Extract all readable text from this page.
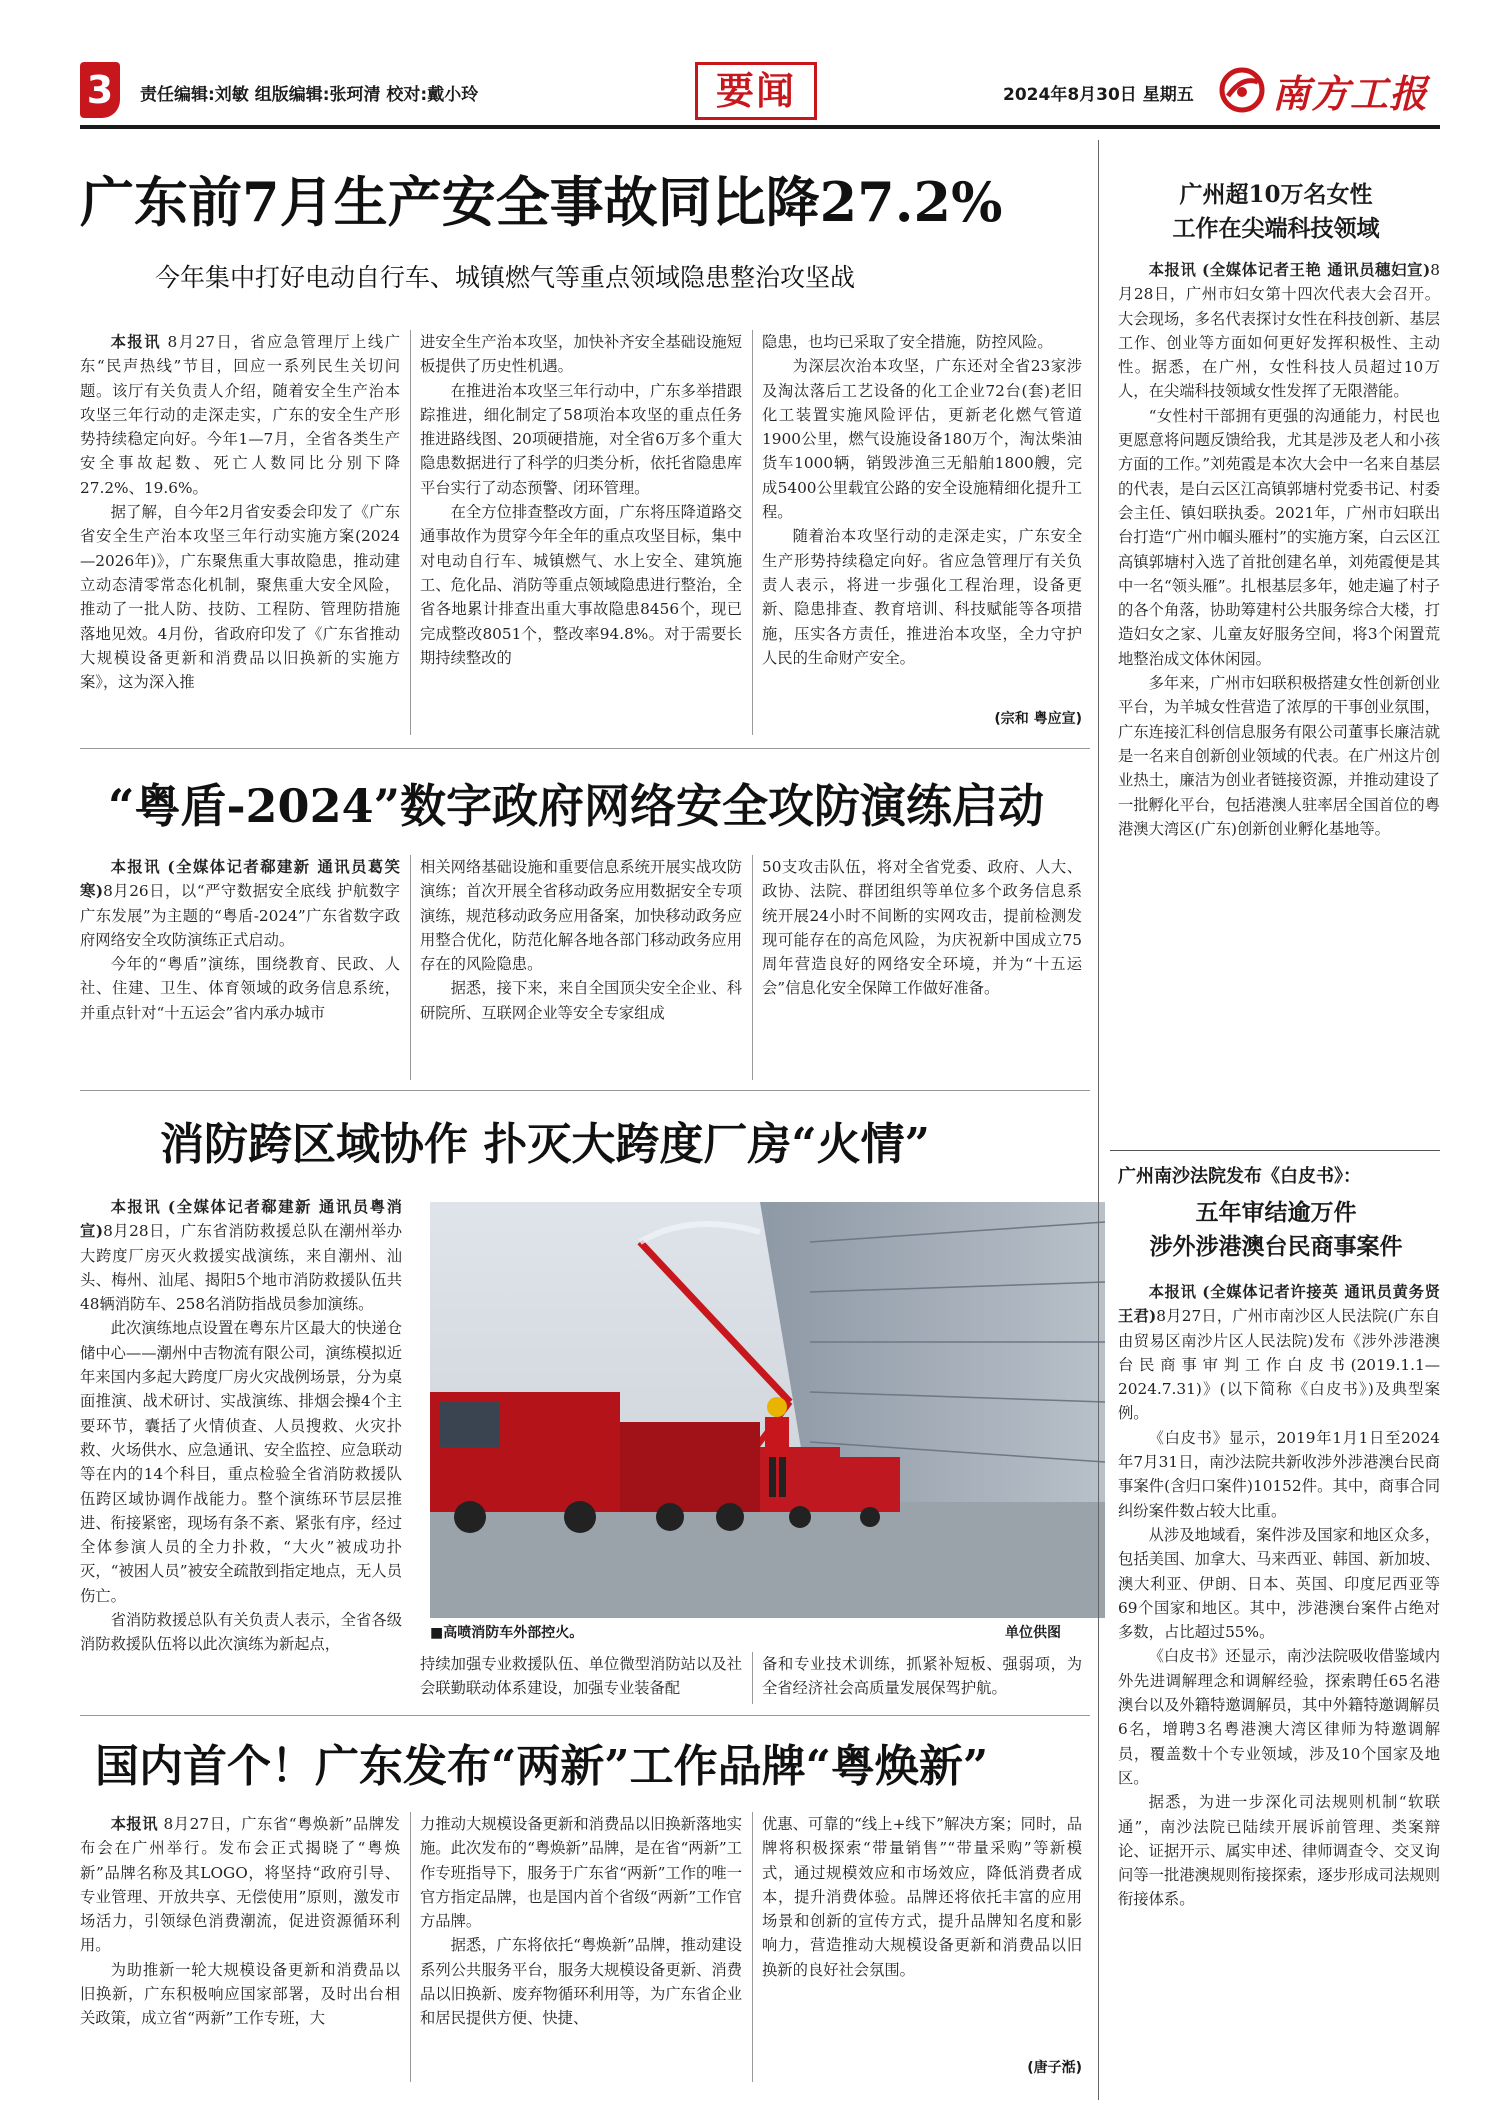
3	责任编辑:刘敏 组版编辑:张珂清 校对:戴小玲	要闻	2024年8月30日 星期五 南方工报
广东前7月生产安全事故同比降27.2%
今年集中打好电动自行车、城镇燃气等重点领域隐患整治攻坚战

本报讯 8月27日，省应急管理厅上线广东“民声热线”节目，回应一系列民生关切问题。该厅有关负责人介绍，随着安全生产治本攻坚三年行动的走深走实，广东的安全生产形势持续稳定向好。今年1—7月，全省各类生产安全事故起数、死亡人数同比分别下降27.2%、19.6%。

据了解，自今年2月省安委会印发了《广东省安全生产治本攻坚三年行动实施方案(2024—2026年)》，广东聚焦重大事故隐患，推动建立动态清零常态化机制，聚焦重大安全风险，推动了一批人防、技防、工程防、管理防措施落地见效。4月份，省政府印发了《广东省推动大规模设备更新和消费品以旧换新的实施方案》，这为深入推

进安全生产治本攻坚，加快补齐安全基础设施短板提供了历史性机遇。

在推进治本攻坚三年行动中，广东多举措跟踪推进，细化制定了58项治本攻坚的重点任务推进路线图、20项硬措施，对全省6万多个重大隐患数据进行了科学的归类分析，依托省隐患库平台实行了动态预警、闭环管理。

在全方位排查整改方面，广东将压降道路交通事故作为贯穿今年全年的重点攻坚目标，集中对电动自行车、城镇燃气、水上安全、建筑施工、危化品、消防等重点领域隐患进行整治，全省各地累计排查出重大事故隐患8456个，现已完成整改8051个，整改率94.8%。对于需要长期持续整改的

隐患，也均已采取了安全措施，防控风险。

为深层次治本攻坚，广东还对全省23家涉及淘汰落后工艺设备的化工企业72台(套)老旧化工装置实施风险评估，更新老化燃气管道1900公里，燃气设施设备180万个，淘汰柴油货车1000辆，销毁涉渔三无船舶1800艘，完成5400公里载宜公路的安全设施精细化提升工程。

随着治本攻坚行动的走深走实，广东安全生产形势持续稳定向好。省应急管理厅有关负责人表示，将进一步强化工程治理，设备更新、隐患排查、教育培训、科技赋能等各项措施，压实各方责任，推进治本攻坚，全力守护人民的生命财产安全。

(宗和 粤应宣)
“粤盾-2024”数字政府网络安全攻防演练启动

本报讯 (全媒体记者郗建新 通讯员葛笑寒)8月26日，以“严守数据安全底线 护航数字广东发展”为主题的“粤盾-2024”广东省数字政府网络安全攻防演练正式启动。

今年的“粤盾”演练，围绕教育、民政、人社、住建、卫生、体育领域的政务信息系统，并重点针对“十五运会”省内承办城市

相关网络基础设施和重要信息系统开展实战攻防演练；首次开展全省移动政务应用数据安全专项演练，规范移动政务应用备案，加快移动政务应用整合优化，防范化解各地各部门移动政务应用存在的风险隐患。

据悉，接下来，来自全国顶尖安全企业、科研院所、互联网企业等安全专家组成

50支攻击队伍，将对全省党委、政府、人大、政协、法院、群团组织等单位多个政务信息系统开展24小时不间断的实网攻击，提前检测发现可能存在的高危风险，为庆祝新中国成立75周年营造良好的网络安全环境，并为“十五运会”信息化安全保障工作做好准备。

消防跨区域协作 扑灭大跨度厂房“火情”

本报讯 (全媒体记者郗建新 通讯员粤消宣)8月28日，广东省消防救援总队在潮州举办大跨度厂房灭火救援实战演练，来自潮州、汕头、梅州、汕尾、揭阳5个地市消防救援队伍共48辆消防车、258名消防指战员参加演练。

此次演练地点设置在粤东片区最大的快递仓储中心——潮州中吉物流有限公司，演练模拟近年来国内多起大跨度厂房火灾战例场景，分为桌面推演、战术研讨、实战演练、排烟会操4个主要环节，囊括了火情侦查、人员搜救、火灾扑救、火场供水、应急通讯、安全监控、应急联动等在内的14个科目，重点检验全省消防救援队伍跨区域协调作战能力。整个演练环节层层推进、衔接紧密，现场有条不紊、紧张有序，经过全体参演人员的全力扑救，“大火”被成功扑灭，“被困人员”被安全疏散到指定地点，无人员伤亡。

省消防救援总队有关负责人表示，全省各级消防救援队伍将以此次演练为新起点，

■高喷消防车外部控火。	单位供图

持续加强专业救援队伍、单位微型消防站以及社会联勤联动体系建设，加强专业装备配

备和专业技术训练，抓紧补短板、强弱项，为全省经济社会高质量发展保驾护航。

国内首个！广东发布“两新”工作品牌“粤焕新”

本报讯 8月27日，广东省“粤焕新”品牌发布会在广州举行。发布会正式揭晓了“粤焕新”品牌名称及其LOGO，将坚持“政府引导、专业管理、开放共享、无偿使用”原则，激发市场活力，引领绿色消费潮流，促进资源循环利用。

为助推新一轮大规模设备更新和消费品以旧换新，广东积极响应国家部署，及时出台相关政策，成立省“两新”工作专班，大

力推动大规模设备更新和消费品以旧换新落地实施。此次发布的“粤焕新”品牌，是在省“两新”工作专班指导下，服务于广东省“两新”工作的唯一官方指定品牌，也是国内首个省级“两新”工作官方品牌。

据悉，广东将依托“粤焕新”品牌，推动建设系列公共服务平台，服务大规模设备更新、消费品以旧换新、废弃物循环利用等，为广东省企业和居民提供方便、快捷、

优惠、可靠的“线上+线下”解决方案；同时，品牌将积极探索“带量销售”“带量采购”等新模式，通过规模效应和市场效应，降低消费者成本，提升消费体验。品牌还将依托丰富的应用场景和创新的宣传方式，提升品牌知名度和影响力，营造推动大规模设备更新和消费品以旧换新的良好社会氛围。

(唐子湉)
广州超10万名女性
工作在尖端科技领域

本报讯 (全媒体记者王艳 通讯员穗妇宣)8月28日，广州市妇女第十四次代表大会召开。大会现场，多名代表探讨女性在科技创新、基层工作、创业等方面如何更好发挥积极性、主动性。据悉，在广州，女性科技人员超过10万人，在尖端科技领域女性发挥了无限潜能。

“女性村干部拥有更强的沟通能力，村民也更愿意将问题反馈给我，尤其是涉及老人和小孩方面的工作。”刘苑霞是本次大会中一名来自基层的代表，是白云区江高镇郭塘村党委书记、村委会主任、镇妇联执委。2021年，广州市妇联出台打造“广州巾帼头雁村”的实施方案，白云区江高镇郭塘村入选了首批创建名单，刘苑霞便是其中一名“领头雁”。扎根基层多年，她走遍了村子的各个角落，协助筹建村公共服务综合大楼，打造妇女之家、儿童友好服务空间，将3个闲置荒地整治成文体休闲园。

多年来，广州市妇联积极搭建女性创新创业平台，为羊城女性营造了浓厚的干事创业氛围，广东连接汇科创信息服务有限公司董事长廉洁就是一名来自创新创业领域的代表。在广州这片创业热土，廉洁为创业者链接资源，并推动建设了一批孵化平台，包括港澳人驻率居全国首位的粤港澳大湾区(广东)创新创业孵化基地等。

广州南沙法院发布《白皮书》：
五年审结逾万件
涉外涉港澳台民商事案件

本报讯 (全媒体记者许接英 通讯员黄务贤 王君)8月27日，广州市南沙区人民法院(广东自由贸易区南沙片区人民法院)发布《涉外涉港澳台民商事审判工作白皮书(2019.1.1—2024.7.31)》(以下简称《白皮书》)及典型案例。

《白皮书》显示，2019年1月1日至2024年7月31日，南沙法院共新收涉外涉港澳台民商事案件(含归口案件)10152件。其中，商事合同纠纷案件数占较大比重。

从涉及地域看，案件涉及国家和地区众多，包括美国、加拿大、马来西亚、韩国、新加坡、澳大利亚、伊朗、日本、英国、印度尼西亚等69个国家和地区。其中，涉港澳台案件占绝对多数，占比超过55%。

《白皮书》还显示，南沙法院吸收借鉴域内外先进调解理念和调解经验，探索聘任65名港澳台以及外籍特邀调解员，其中外籍特邀调解员6名，增聘3名粤港澳大湾区律师为特邀调解员，覆盖数十个专业领域，涉及10个国家及地区。

据悉，为进一步深化司法规则机制“软联通”，南沙法院已陆续开展诉前管理、类案辩论、证据开示、属实申述、律师调查令、交叉询问等一批港澳规则衔接探索，逐步形成司法规则衔接体系。
